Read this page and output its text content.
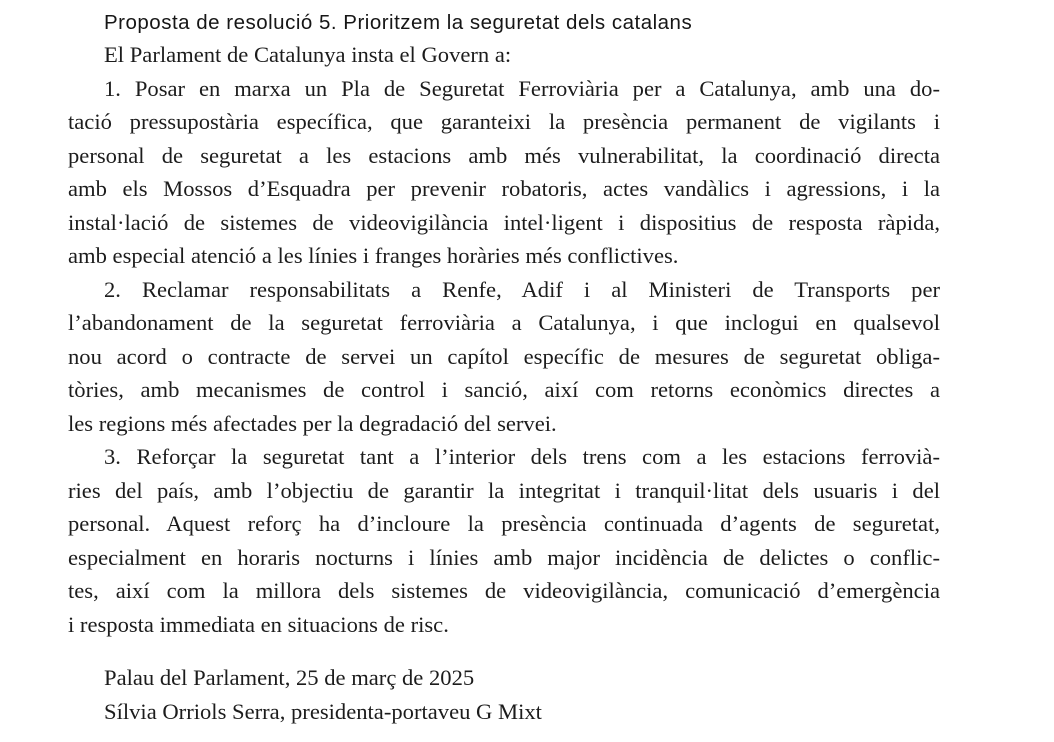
Proposta de resolució 5. Prioritzem la seguretat dels catalans

El Parlament de Catalunya insta el Govern a:

1. Posar en marxa un Pla de Seguretat Ferroviària per a Catalunya, amb una do-
tació pressupostària específica, que garanteixi la presència permanent de vigilants i
personal de seguretat a les estacions amb més vulnerabilitat, la coordinació directa
amb els Mossos d’Esquadra per prevenir robatoris, actes vandàlics i agressions, i la
instal·lació de sistemes de videovigilància intel·ligent i dispositius de resposta ràpida,
amb especial atenció a les línies i franges horàries més conflictives.
2. Reclamar responsabilitats a Renfe, Adif i al Ministeri de Transports per
l’abandonament de la seguretat ferroviària a Catalunya, i que inclogui en qualsevol
nou acord o contracte de servei un capítol específic de mesures de seguretat obliga-
tòries, amb mecanismes de control i sanció, així com retorns econòmics directes a
les regions més afectades per la degradació del servei.
3. Reforçar la seguretat tant a l’interior dels trens com a les estacions ferrovià-
ries del país, amb l’objectiu de garantir la integritat i tranquil·litat dels usuaris i del
personal. Aquest reforç ha d’incloure la presència continuada d’agents de seguretat,
especialment en horaris nocturns i línies amb major incidència de delictes o conflic-
tes, així com la millora dels sistemes de videovigilància, comunicació d’emergència
i resposta immediata en situacions de risc.
Palau del Parlament, 25 de març de 2025
Sílvia Orriols Serra, presidenta-portaveu G Mixt
